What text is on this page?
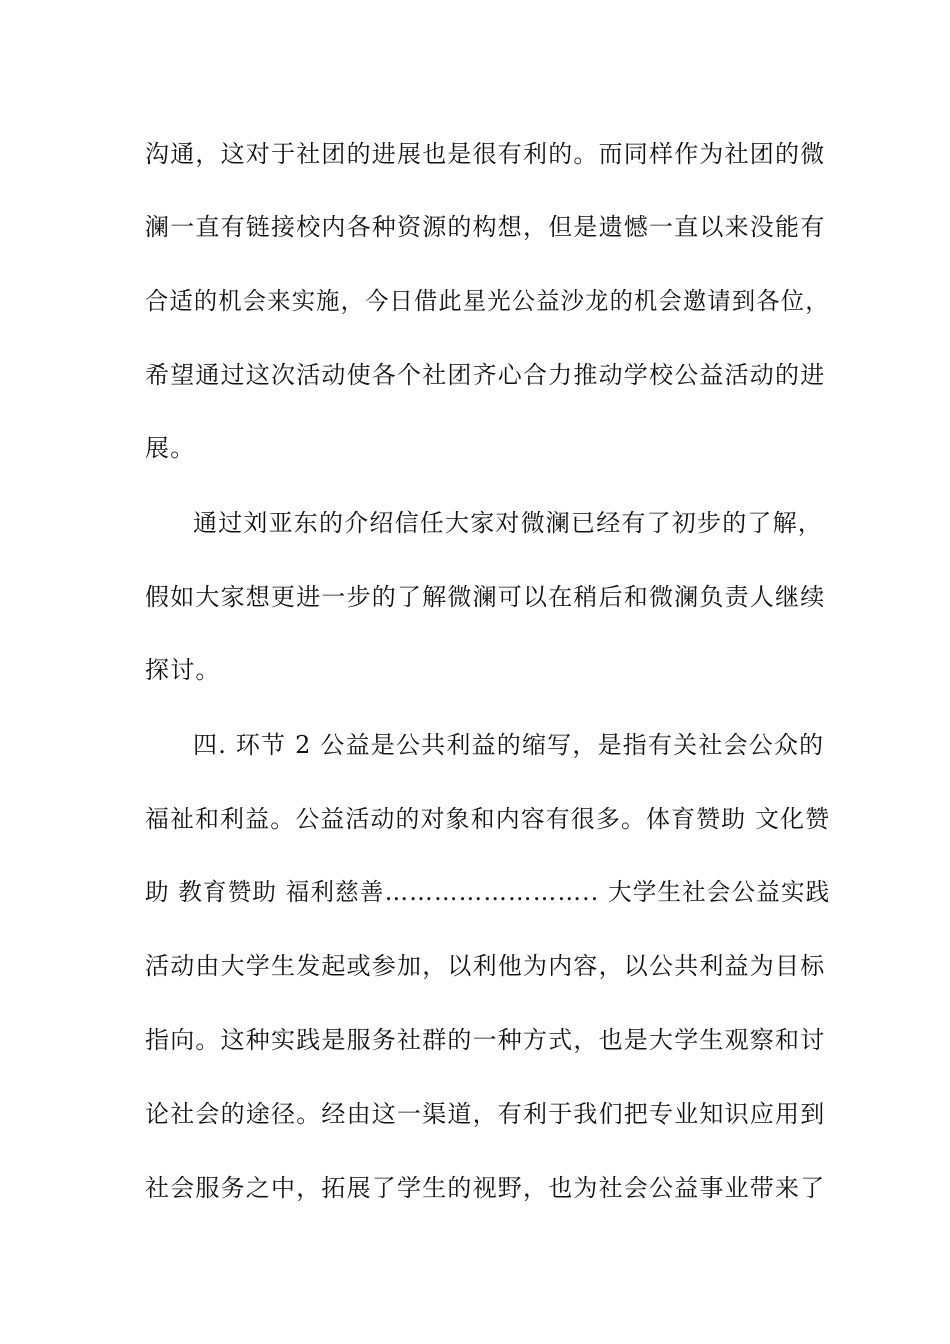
沟通，这对于社团的进展也是很有利的。而同样作为社团的微
澜一直有链接校内各种资源的构想，但是遗憾一直以来没能有
合适的机会来实施，今日借此星光公益沙龙的机会邀请到各位，
希望通过这次活动使各个社团齐心合力推动学校公益活动的进
展。
通过刘亚东的介绍信任大家对微澜已经有了初步的了解，
假如大家想更进一步的了解微澜可以在稍后和微澜负责人继续
探讨。
四. 环节 2 公益是公共利益的缩写，是指有关社会公众的
福祉和利益。公益活动的对象和内容有很多。体育赞助 文化赞
助 教育赞助 福利慈善…………………….. 大学生社会公益实践
活动由大学生发起或参加，以利他为内容，以公共利益为目标
指向。这种实践是服务社群的一种方式，也是大学生观察和讨
论社会的途径。经由这一渠道，有利于我们把专业知识应用到
社会服务之中，拓展了学生的视野，也为社会公益事业带来了
